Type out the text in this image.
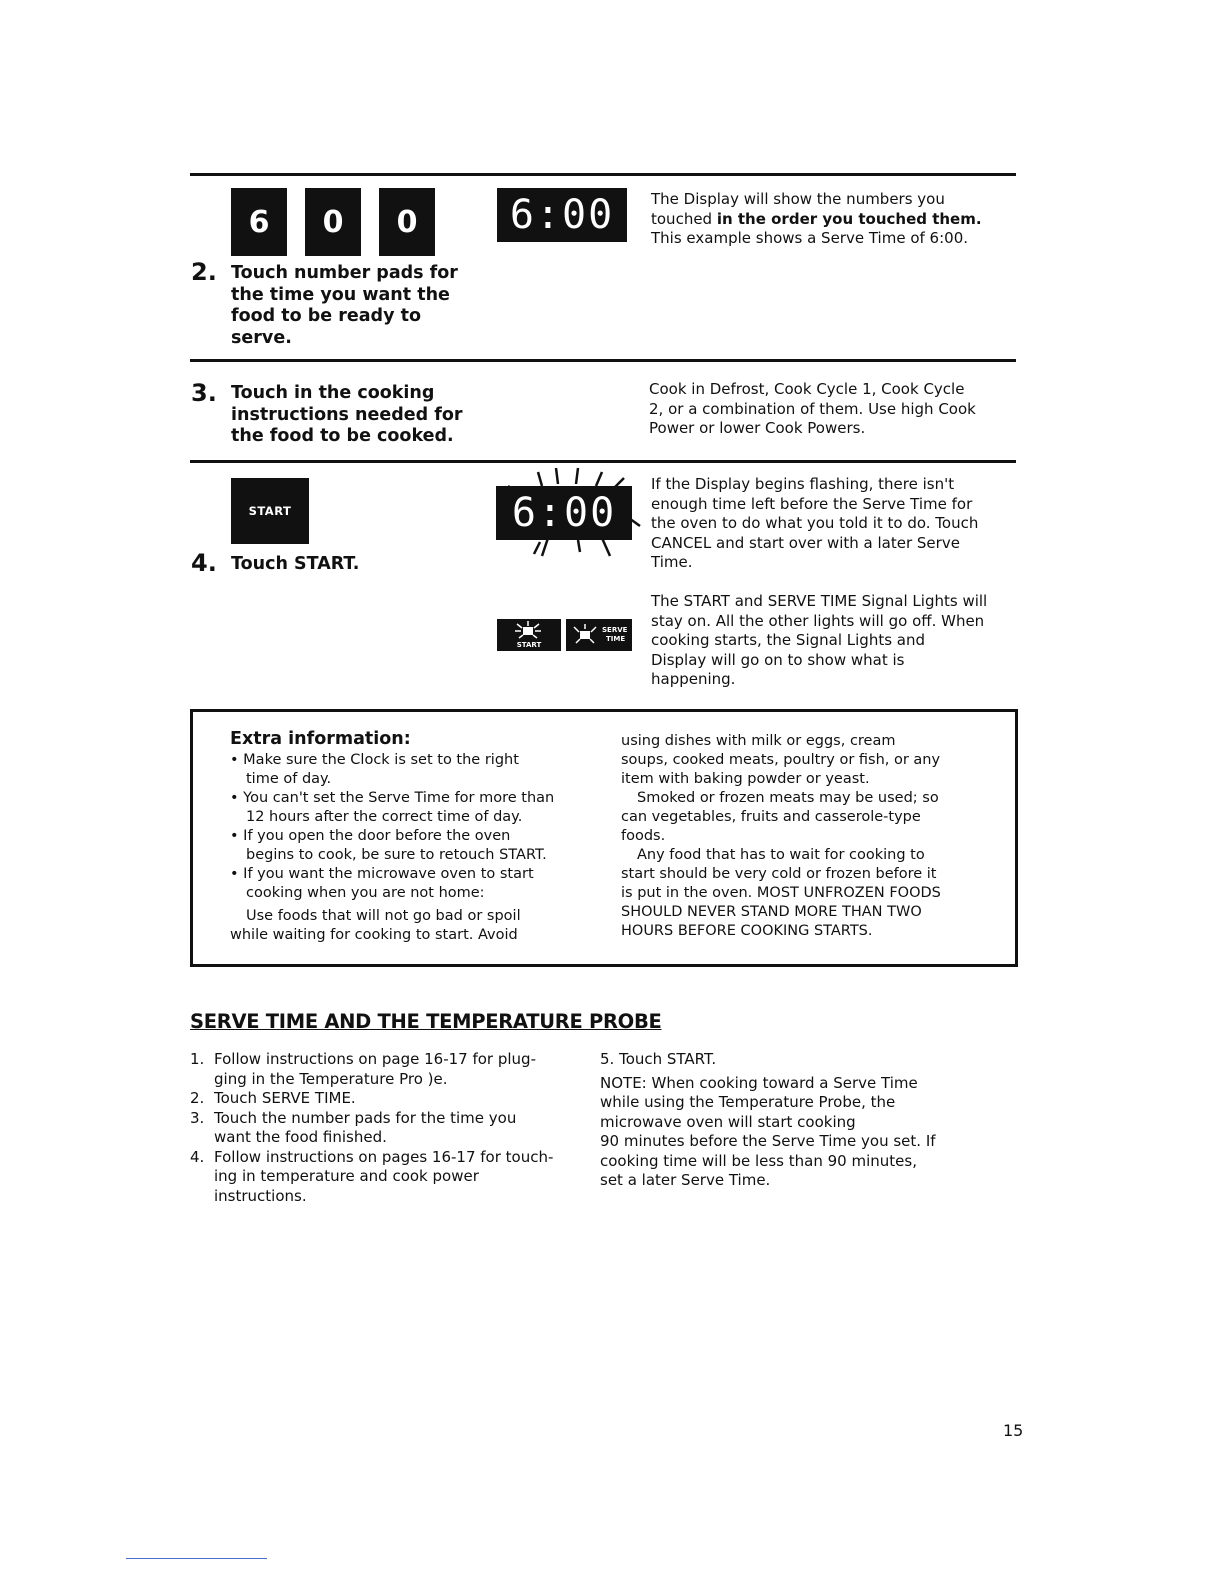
6	0	0	6:00 The Display will show the numbers you
touched in the order you touched them.
This example shows a Serve Time of 6:00.
2. Touch number pads for
the time you want the
food to be ready to
serve.
3. Touch in the cooking
instructions needed for
the food to be cooked.
Cook in Defrost, Cook Cycle 1, Cook Cycle
2, or a combination of them. Use high Cook
Power or lower Cook Powers.
START
4. Touch START.
6:00
If the Display begins flashing, there isn't
enough time left before the Serve Time for
the oven to do what you told it to do. Touch
CANCEL and start over with a later Serve
Time.
START
SERVE
TIME
The START and SERVE TIME Signal Lights will
stay on. All the other lights will go off. When
cooking starts, the Signal Lights and
Display will go on to show what is
happening.
Extra information:
• Make sure the Clock is set to the right
time of day.
• You can't set the Serve Time for more than
12 hours after the correct time of day.
• If you open the door before the oven
begins to cook, be sure to retouch START.
• If you want the microwave oven to start
cooking when you are not home:
Use foods that will not go bad or spoil
while waiting for cooking to start. Avoid
using dishes with milk or eggs, cream
soups, cooked meats, poultry or fish, or any
item with baking powder or yeast.
Smoked or frozen meats may be used; so
can vegetables, fruits and casserole-type
foods.
Any food that has to wait for cooking to
start should be very cold or frozen before it
is put in the oven. MOST UNFROZEN FOODS
SHOULD NEVER STAND MORE THAN TWO
HOURS BEFORE COOKING STARTS.
SERVE TIME AND THE TEMPERATURE PROBE
1. Follow instructions on page 16-17 for plug-
ging in the Temperature Pro )e.
2. Touch SERVE TIME.
3. Touch the number pads for the time you
want the food finished.
4. Follow instructions on pages 16-17 for touch-
ing in temperature and cook power
instructions.
5. Touch START.
NOTE: When cooking toward a Serve Time
while using the Temperature Probe, the
microwave oven will start cooking
90 minutes before the Serve Time you set. If
cooking time will be less than 90 minutes,
set a later Serve Time.
15
